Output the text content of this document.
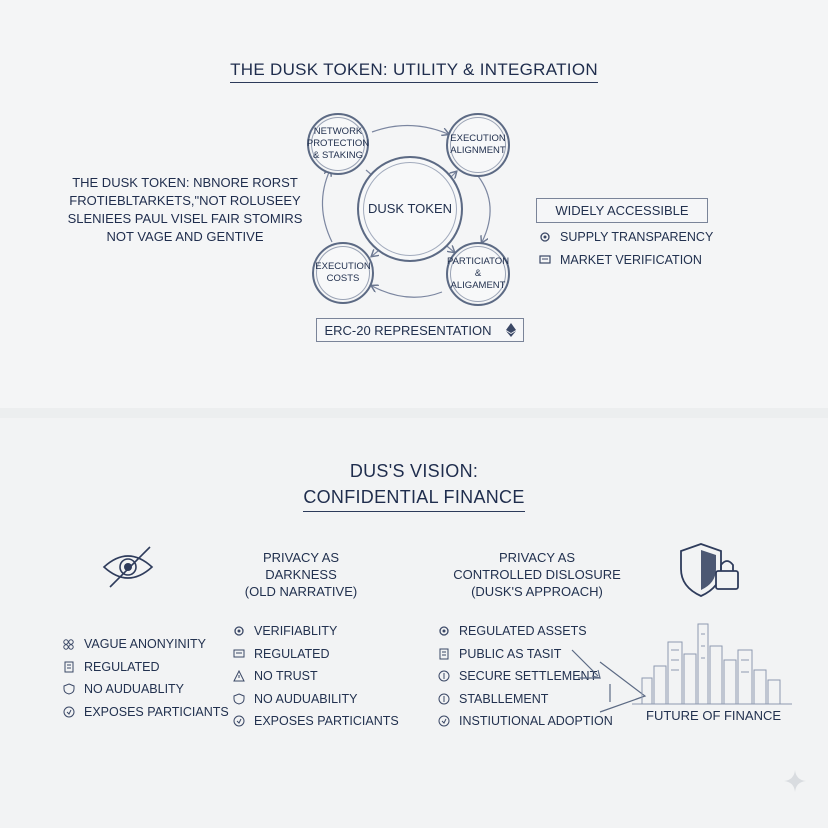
THE DUSK TOKEN: UTILITY & INTEGRATION
NETWORK
PROTECTION
& STAKING
EXECUTION
ALIGNMENT
EXECUTION
COSTS
PARTICIATON
& ALIGAMENT
DUSK TOKEN
THE DUSK TOKEN: NBNORE RORST
FROTIEBLTARKETS,"NOT ROLUSEEY
SLENIEES PAUL VISEL FAIR STOMIRS
NOT VAGE AND GENTIVE
ERC-20 REPRESENTATION
WIDELY ACCESSIBLE
SUPPLY TRANSPARENCY
MARKET VERIFICATION
DUS'S VISION:
CONFIDENTIAL FINANCE
PRIVACY AS
DARKNESS
(OLD NARRATIVE)
PRIVACY AS
CONTROLLED DISLOSURE
(DUSK'S APPROACH)
VAGUE ANONYINITY
REGULATED
NO AUDUABLITY
EXPOSES PARTICIANTS
VERIFIABLITY
REGULATED
NO TRUST
NO AUDUABILITY
EXPOSES PARTICIANTS
REGULATED ASSETS
PUBLIC AS TASIT
SECURE SETTLEMENT
STABLLEMENT
INSTIUTIONAL ADOPTION	FUTURE OF FINANCE
